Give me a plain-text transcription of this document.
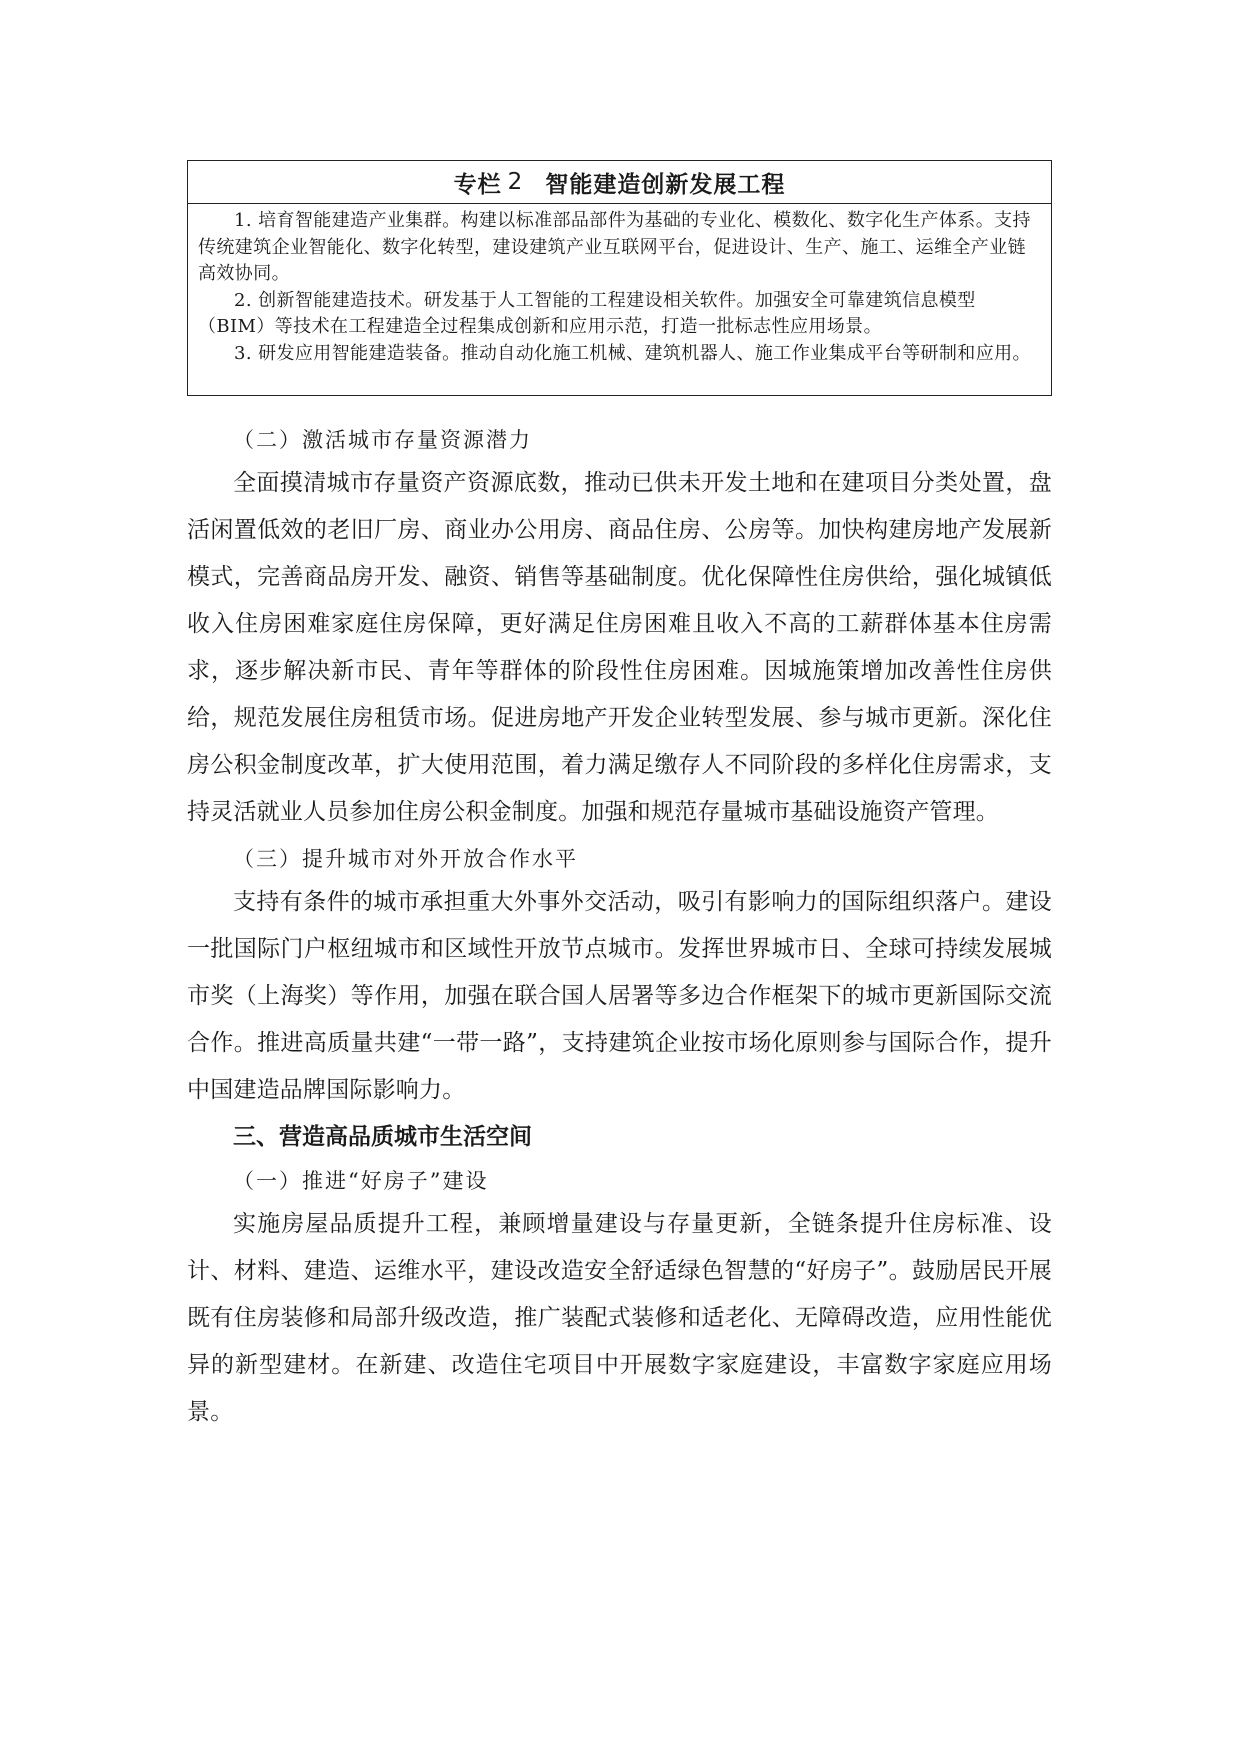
专栏 2 智能建造创新发展工程

1. 培育智能建造产业集群。构建以标准部品部件为基础的专业化、模数化、数字化生产体系。支持传统建筑企业智能化、数字化转型，建设建筑产业互联网平台，促进设计、生产、施工、运维全产业链高效协同。

2. 创新智能建造技术。研发基于人工智能的工程建设相关软件。加强安全可靠建筑信息模型（BIM）等技术在工程建造全过程集成创新和应用示范，打造一批标志性应用场景。

3. 研发应用智能建造装备。推动自动化施工机械、建筑机器人、施工作业集成平台等研制和应用。

（二）激活城市存量资源潜力

全面摸清城市存量资产资源底数，推动已供未开发土地和在建项目分类处置，盘活闲置低效的老旧厂房、商业办公用房、商品住房、公房等。加快构建房地产发展新模式，完善商品房开发、融资、销售等基础制度。优化保障性住房供给，强化城镇低收入住房困难家庭住房保障，更好满足住房困难且收入不高的工薪群体基本住房需求，逐步解决新市民、青年等群体的阶段性住房困难。因城施策增加改善性住房供给，规范发展住房租赁市场。促进房地产开发企业转型发展、参与城市更新。深化住房公积金制度改革，扩大使用范围，着力满足缴存人不同阶段的多样化住房需求，支持灵活就业人员参加住房公积金制度。加强和规范存量城市基础设施资产管理。

（三）提升城市对外开放合作水平

支持有条件的城市承担重大外事外交活动，吸引有影响力的国际组织落户。建设一批国际门户枢纽城市和区域性开放节点城市。发挥世界城市日、全球可持续发展城市奖（上海奖）等作用，加强在联合国人居署等多边合作框架下的城市更新国际交流合作。推进高质量共建“一带一路”，支持建筑企业按市场化原则参与国际合作，提升中国建造品牌国际影响力。

三、营造高品质城市生活空间

（一）推进“好房子”建设

实施房屋品质提升工程，兼顾增量建设与存量更新，全链条提升住房标准、设计、材料、建造、运维水平，建设改造安全舒适绿色智慧的“好房子”。鼓励居民开展既有住房装修和局部升级改造，推广装配式装修和适老化、无障碍改造，应用性能优异的新型建材。在新建、改造住宅项目中开展数字家庭建设，丰富数字家庭应用场景。
